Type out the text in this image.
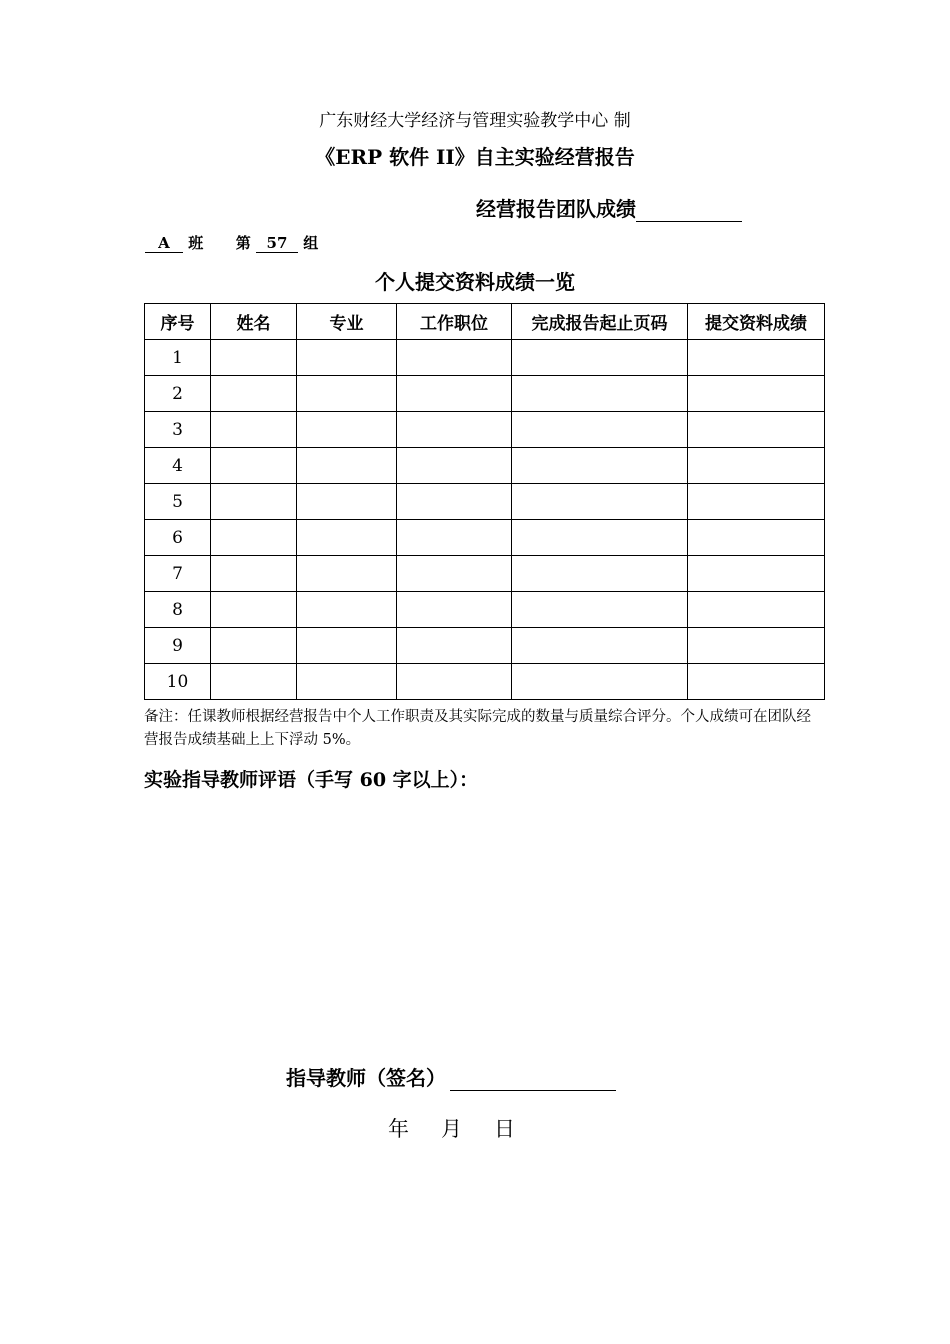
广东财经大学经济与管理实验教学中心 制
《ERP 软件 II》自主实验经营报告
经营报告团队成绩
A 班 第 57 组
个人提交资料成绩一览
序号	姓名	专业	工作职位	完成报告起止页码	提交资料成绩
1					
2					
3					
4					
5					
6					
7					
8					
9					
10					
备注：任课教师根据经营报告中个人工作职责及其实际完成的数量与质量综合评分。个人成绩可在团队经营报告成绩基础上上下浮动 5%。
实验指导教师评语（手写 60 字以上）：
指导教师（签名）
年 月 日
